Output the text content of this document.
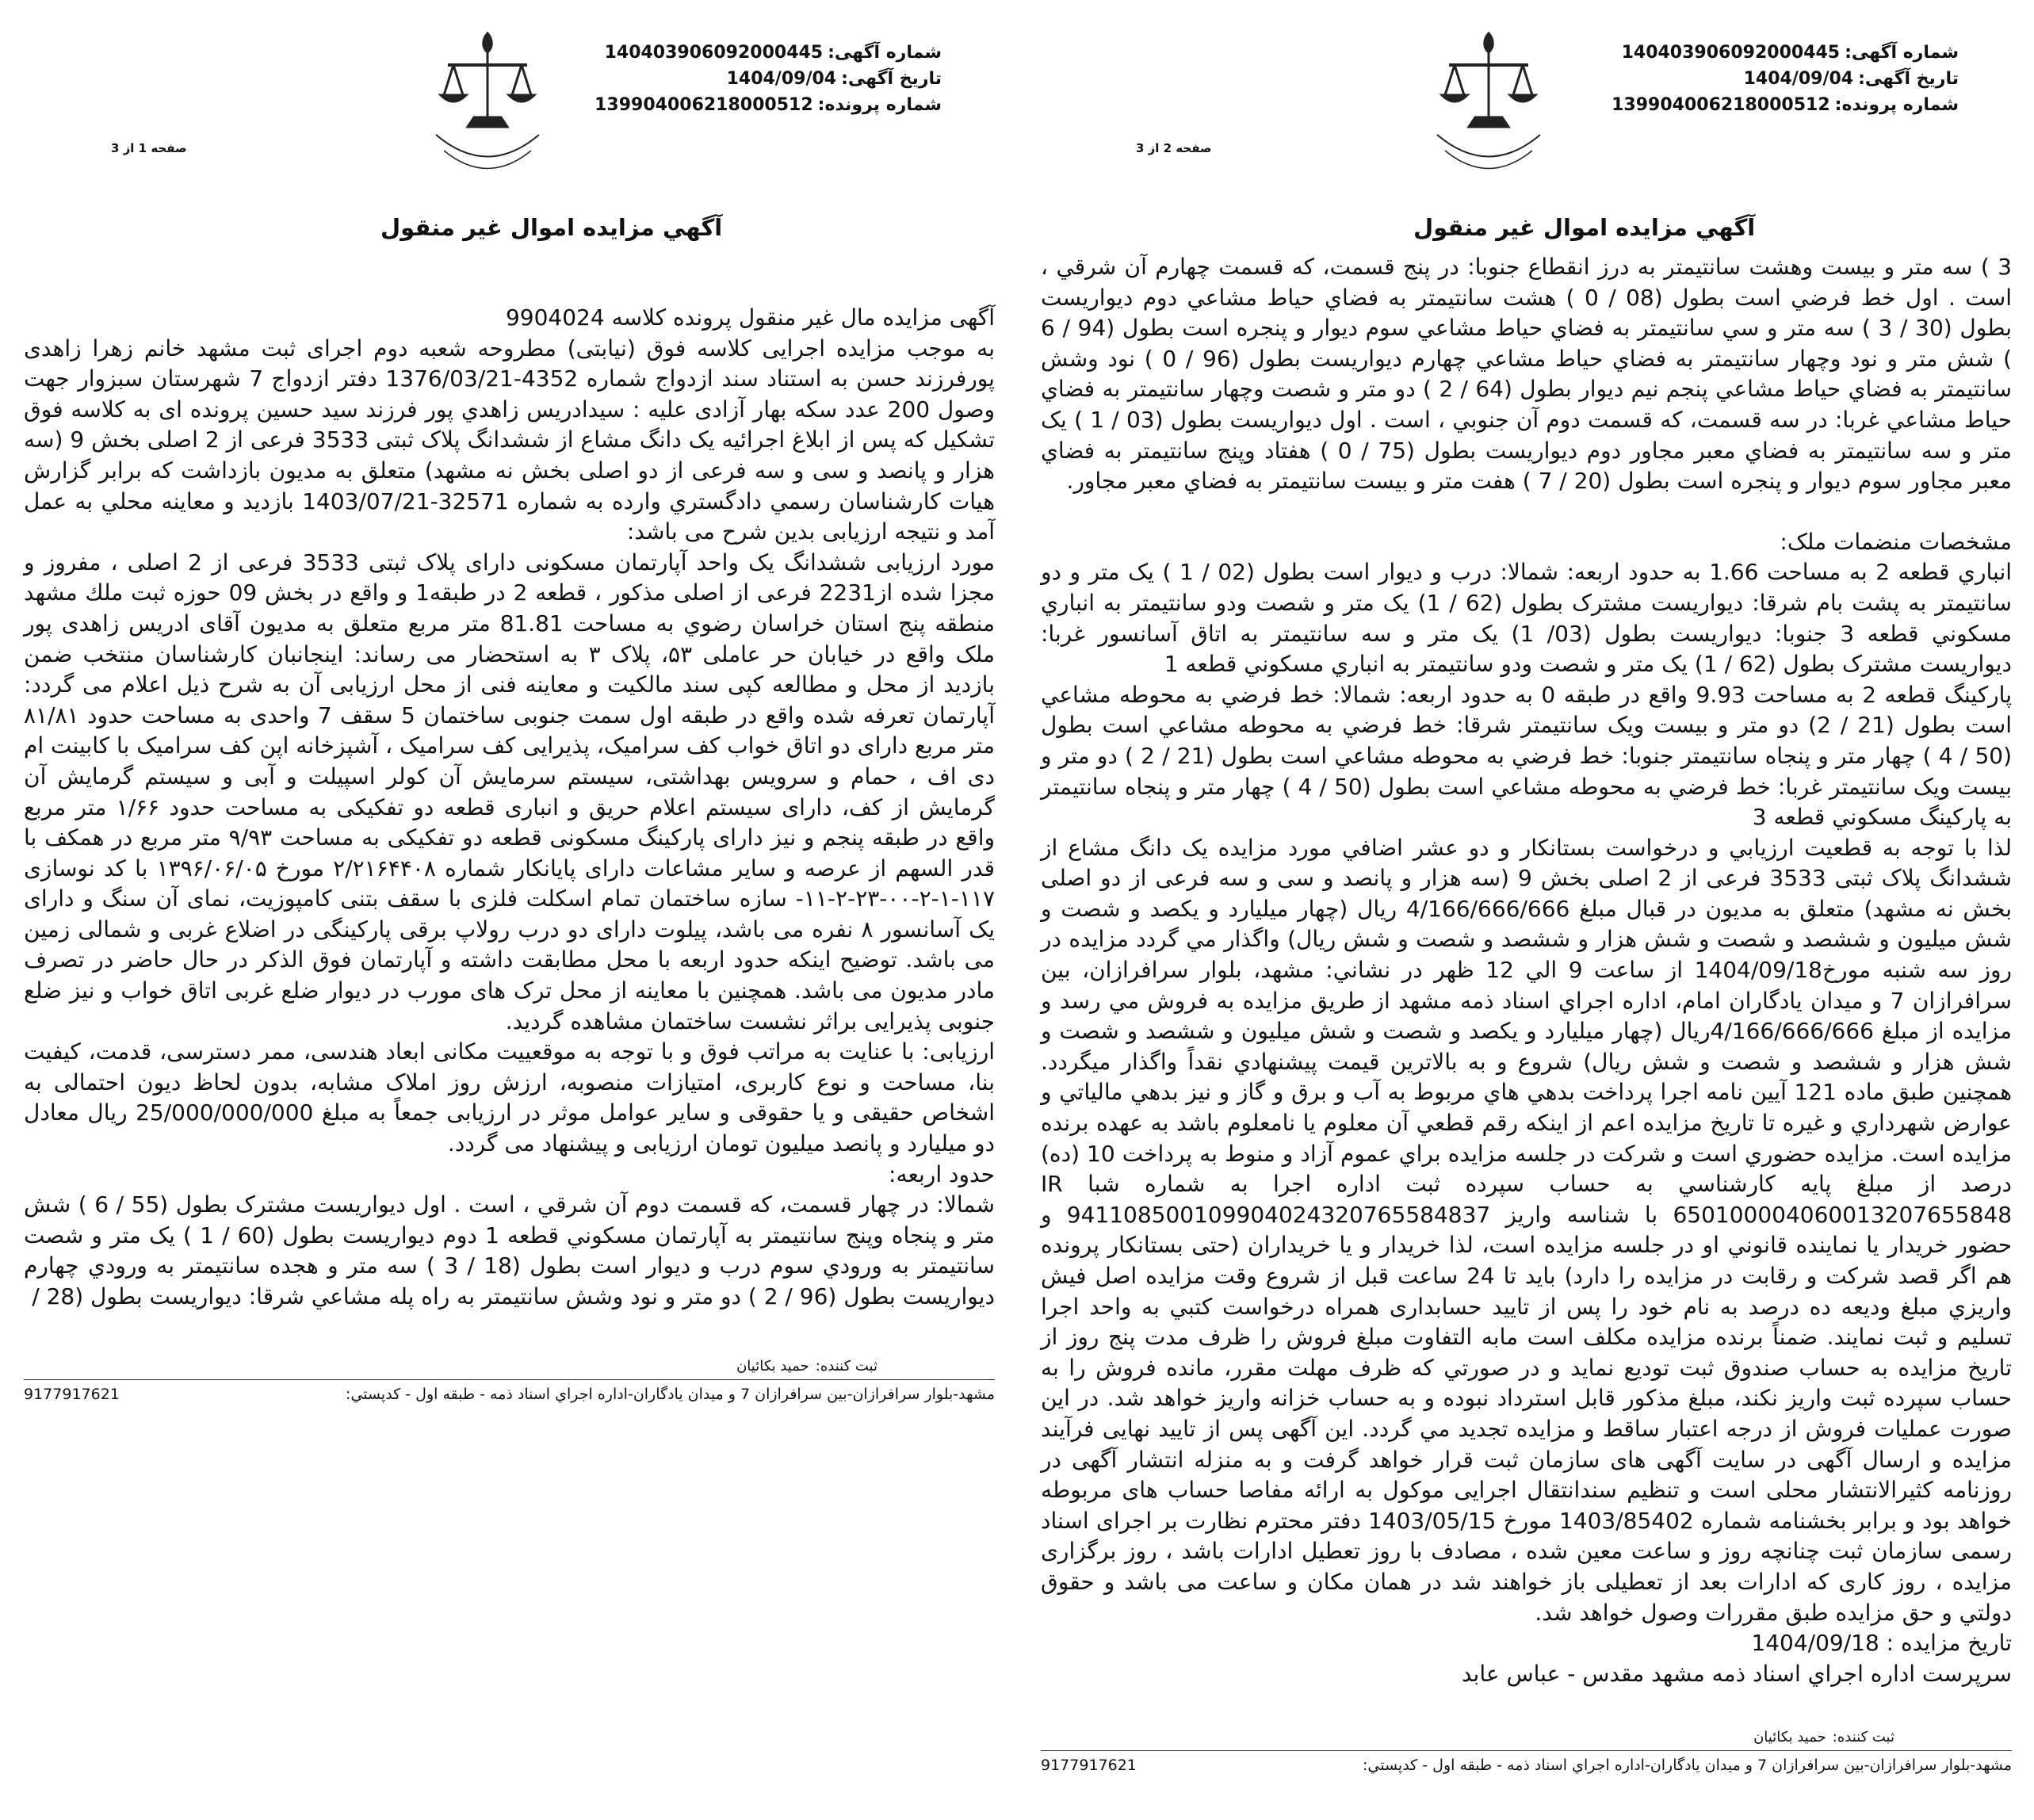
شماره آگهی:140403906092000445
تاریخ آگهی:1404/09/04
شماره پرونده:139904006218000512
صفحه 2 از 3
آگهي مزايده اموال غير منقول

3 ) سه متر و بیست وهشت سانتیمتر به درز انقطاع جنوبا: در پنج قسمت، که قسمت چهارم آن شرقي ، است . اول خط فرضي است بطول (08 / 0 ) هشت سانتیمتر به فضاي حياط مشاعي دوم ديواريست بطول (30 / 3 ) سه متر و سي سانتيمتر به فضاي حياط مشاعي سوم ديوار و پنجره است بطول (94 / 6 ) شش متر و نود وچهار سانتيمتر به فضاي حياط مشاعي چهارم ديواريست بطول (96 / 0 ) نود وشش سانتيمتر به فضاي حياط مشاعي پنجم نيم ديوار بطول (64 / 2 ) دو متر و شصت وچهار سانتيمتر به فضاي حياط مشاعي غربا: در سه قسمت، كه قسمت دوم آن جنوبي ، است . اول ديواريست بطول (03 / 1 ) يک متر و سه سانتيمتر به فضاي معبر مجاور دوم ديواريست بطول (75 / 0 ) هفتاد وپنج سانتيمتر به فضاي معبر مجاور سوم ديوار و پنجره است بطول (20 / 7 ) هفت متر و بيست سانتيمتر به فضاي معبر مجاور.

مشخصات منضمات ملک:

انباري قطعه 2 به مساحت 1.66 به حدود اربعه: شمالا: درب و ديوار است بطول (02 / 1 ) يک متر و دو سانتيمتر به پشت بام شرقا: ديواريست مشترک بطول (62 / 1) يک متر و شصت ودو سانتيمتر به انباري مسکوني قطعه 3 جنوبا: ديواريست بطول (03/ 1) يک متر و سه سانتيمتر به اتاق آسانسور غربا: ديواريست مشترک بطول (62 / 1) يک متر و شصت ودو سانتيمتر به انباري مسکوني قطعه 1

پارکينگ قطعه 2 به مساحت 9.93 واقع در طبقه 0 به حدود اربعه: شمالا: خط فرضي به محوطه مشاعي است بطول (21 / 2) دو متر و بيست ويک سانتيمتر شرقا: خط فرضي به محوطه مشاعي است بطول (50 / 4 ) چهار متر و پنجاه سانتيمتر جنوبا: خط فرضي به محوطه مشاعي است بطول (21 / 2 ) دو متر و بيست ويک سانتيمتر غربا: خط فرضي به محوطه مشاعي است بطول (50 / 4 ) چهار متر و پنجاه سانتيمتر به پارکينگ مسکوني قطعه 3

لذا با توجه به قطعيت ارزيابي و درخواست بستانكار و دو عشر اضافي مورد مزايده يک دانگ مشاع از ششدانگ پلاک ثبتی 3533 فرعی از 2 اصلی بخش 9 (سه هزار و پانصد و سی و سه فرعی از دو اصلی بخش نه مشهد) متعلق به مديون در قبال مبلغ 4/166/666/666 ريال (چهار ميليارد و يكصد و شصت و شش ميليون و ششصد و شصت و شش هزار و ششصد و شصت و شش ريال) واگذار مي گردد مزايده در روز سه شنبه مورخ1404/09/18 از ساعت 9 الي 12 ظهر در نشاني: مشهد، بلوار سرافرازان، بين سرافرازان 7 و ميدان يادگاران امام، اداره اجراي اسناد ذمه مشهد از طريق مزايده به فروش مي رسد و مزايده از مبلغ 4/166/666/666ريال (چهار ميليارد و يكصد و شصت و شش ميليون و ششصد و شصت و شش هزار و ششصد و شصت و شش ريال) شروع و به بالاترين قيمت پيشنهادي نقداً واگذار ميگردد. همچنين طبق ماده 121 آيين نامه اجرا پرداخت بدهي هاي مربوط به آب و برق و گاز و نيز بدهي مالياتي و عوارض شهرداري و غيره تا تاريخ مزايده اعم از اينكه رقم قطعي آن معلوم يا نامعلوم باشد به عهده برنده مزايده است. مزايده حضوري است و شركت در جلسه مزايده براي عموم آزاد و منوط به پرداخت 10 (ده) درصد از مبلغ پايه كارشناسي به حساب سپرده ثبت اداره اجرا به شماره شبا IR 650100004060013207655848 با شناسه واريز 941108500109904024320765584837 و حضور خريدار يا نماينده قانوني او در جلسه مزايده است، لذا خريدار و يا خريداران (حتی بستانکار پرونده هم اگر قصد شرکت و رقابت در مزايده را دارد) بايد تا 24 ساعت قبل از شروع وقت مزايده اصل فيش واريزي مبلغ وديعه ده درصد به نام خود را پس از تاييد حسابداری همراه درخواست كتبي به واحد اجرا تسليم و ثبت نمايند. ضمناً برنده مزايده مكلف است مابه التفاوت مبلغ فروش را ظرف مدت پنج روز از تاريخ مزايده به حساب صندوق ثبت توديع نمايد و در صورتي كه ظرف مهلت مقرر، مانده فروش را به حساب سپرده ثبت واريز نكند، مبلغ مذكور قابل استرداد نبوده و به حساب خزانه واريز خواهد شد. در اين صورت عمليات فروش از درجه اعتبار ساقط و مزايده تجديد مي گردد. اين آگهی پس از تاييد نهايی فرآيند مزايده و ارسال آگهی در سايت آگهی های سازمان ثبت قرار خواهد گرفت و به منزله انتشار آگهی در روزنامه كثيرالانتشار محلی است و تنظيم سندانتقال اجرايی موكول به ارائه مفاصا حساب های مربوطه خواهد بود و برابر بخشنامه شماره 1403/85402 مورخ 1403/05/15 دفتر محترم نظارت بر اجرای اسناد رسمی سازمان ثبت چنانچه روز و ساعت معين شده ، مصادف با روز تعطيل ادارات باشد ، روز برگزاری مزايده ، روز کاری که ادارات بعد از تعطيلی باز خواهند شد در همان مکان و ساعت می باشد و حقوق دولتي و حق مزايده طبق مقررات وصول خواهد شد.

تاريخ مزايده : 1404/09/18

سرپرست اداره اجراي اسناد ذمه مشهد مقدس - عباس عابد

ثبت كننده:حميد بكائيان
مشهد-بلوار سرافرازان-بين سرافرازان 7 و ميدان يادگاران-اداره اجراي اسناد ذمه - طبقه اول - كدپستي:
9177917621
شماره آگهی:140403906092000445
تاریخ آگهی:1404/09/04
شماره پرونده:139904006218000512
صفحه 1 از 3
آگهي مزايده اموال غير منقول

آگهی مزايده مال غير منقول پرونده کلاسه 9904024

به موجب مزايده اجرايی كلاسه فوق (نيابتی) مطروحه شعبه دوم اجرای ثبت مشهد خانم زهرا زاهدی پورفرزند حسن به استناد سند ازدواج شماره 4352-1376/03/21 دفتر ازدواج 7 شهرستان سبزوار جهت وصول 200 عدد سکه بهار آزادی عليه : سيدادريس زاهدي پور فرزند سيد حسين پرونده ای به کلاسه فوق تشکيل که پس از ابلاغ اجرائيه يک دانگ مشاع از ششدانگ پلاک ثبتی 3533 فرعی از 2 اصلی بخش 9 (سه هزار و پانصد و سی و سه فرعی از دو اصلی بخش نه مشهد) متعلق به مديون بازداشت كه برابر گزارش هيات كارشناسان رسمي دادگستري وارده به شماره 32571-1403/07/21 بازديد و معاينه محلي به عمل آمد و نتيجه ارزيابی بدين شرح می باشد:

مورد ارزيابی ششدانگ يک واحد آپارتمان مسکونی دارای پلاک ثبتی 3533 فرعی از 2 اصلی ، مفروز و مجزا شده از2231 فرعی از اصلی مذکور ، قطعه 2 در طبقه1 و واقع در بخش 09 حوزه ثبت ملك مشهد منطقه پنج استان خراسان رضوي به مساحت 81.81 متر مربع متعلق به مديون آقای ادريس زاهدی پور ملک واقع در خيابان حر عاملی ۵۳، پلاک ۳ به استحضار می رساند: اينجانبان کارشناسان منتخب ضمن بازديد از محل و مطالعه کپی سند مالکيت و معاينه فنی از محل ارزيابی آن به شرح ذيل اعلام می گردد: آپارتمان تعرفه شده واقع در طبقه اول سمت جنوبی ساختمان 5 سقف 7 واحدی به مساحت حدود ۸۱/۸۱ متر مربع دارای دو اتاق خواب کف سراميک، پذيرايی کف سراميک ، آشپزخانه اپن کف سراميک با کابينت ام دی اف ، حمام و سرويس بهداشتی، سيستم سرمايش آن کولر اسپيلت و آبی و سيستم گرمايش آن گرمايش از کف، دارای سيستم اعلام حريق و انباری قطعه دو تفکيکی به مساحت حدود ۱/۶۶ متر مربع واقع در طبقه پنجم و نيز دارای پارکينگ مسکونی قطعه دو تفکيکی به مساحت ۹/۹۳ متر مربع در همکف با قدر السهم از عرصه و ساير مشاعات دارای پايانکار شماره ۲/۲۱۶۴۴۰۸ مورخ ۱۳۹۶/۰۶/۰۵ با کد نوسازی ۱۱۷-۱-۲-۰۰-۲۳-۲-۱۱- سازه ساختمان تمام اسکلت فلزی با سقف بتنی کامپوزيت، نمای آن سنگ و دارای يک آسانسور ۸ نفره می باشد، پيلوت دارای دو درب رولاپ برقی پارکينگی در اضلاع غربی و شمالی زمين می باشد. توضيح اينکه حدود اربعه با محل مطابقت داشته و آپارتمان فوق الذکر در حال حاضر در تصرف مادر مديون می باشد. همچنين با معاينه از محل ترک های مورب در ديوار ضلع غربی اتاق خواب و نيز ضلع جنوبی پذيرايی براثر نشست ساختمان مشاهده گرديد.

ارزيابی: با عنايت به مراتب فوق و با توجه به موقعييت مکانی ابعاد هندسی، ممر دسترسی، قدمت، کيفيت بنا، مساحت و نوع کاربری، امتيازات منصوبه، ارزش روز املاک مشابه، بدون لحاظ ديون احتمالی به اشخاص حقيقی و يا حقوقی و ساير عوامل موثر در ارزيابی جمعاً به مبلغ 25/000/000/000 ريال معادل دو ميليارد و پانصد ميليون تومان ارزيابی و پيشنهاد می گردد.

حدود اربعه:

شمالا: در چهار قسمت، كه قسمت دوم آن شرقي ، است . اول ديواريست مشترک بطول (55 / 6 ) شش متر و پنجاه وپنج سانتيمتر به آپارتمان مسكوني قطعه 1 دوم ديواريست بطول (60 / 1 ) يک متر و شصت سانتيمتر به ورودي سوم درب و ديوار است بطول (18 / 3 ) سه متر و هجده سانتيمتر به ورودي چهارم ديواريست بطول (96 / 2 ) دو متر و نود وشش سانتيمتر به راه پله مشاعي شرقا: ديواريست بطول (28 /

ثبت كننده:حميد بكائيان
مشهد-بلوار سرافرازان-بين سرافرازان 7 و ميدان يادگاران-اداره اجراي اسناد ذمه - طبقه اول - كدپستي:
9177917621
